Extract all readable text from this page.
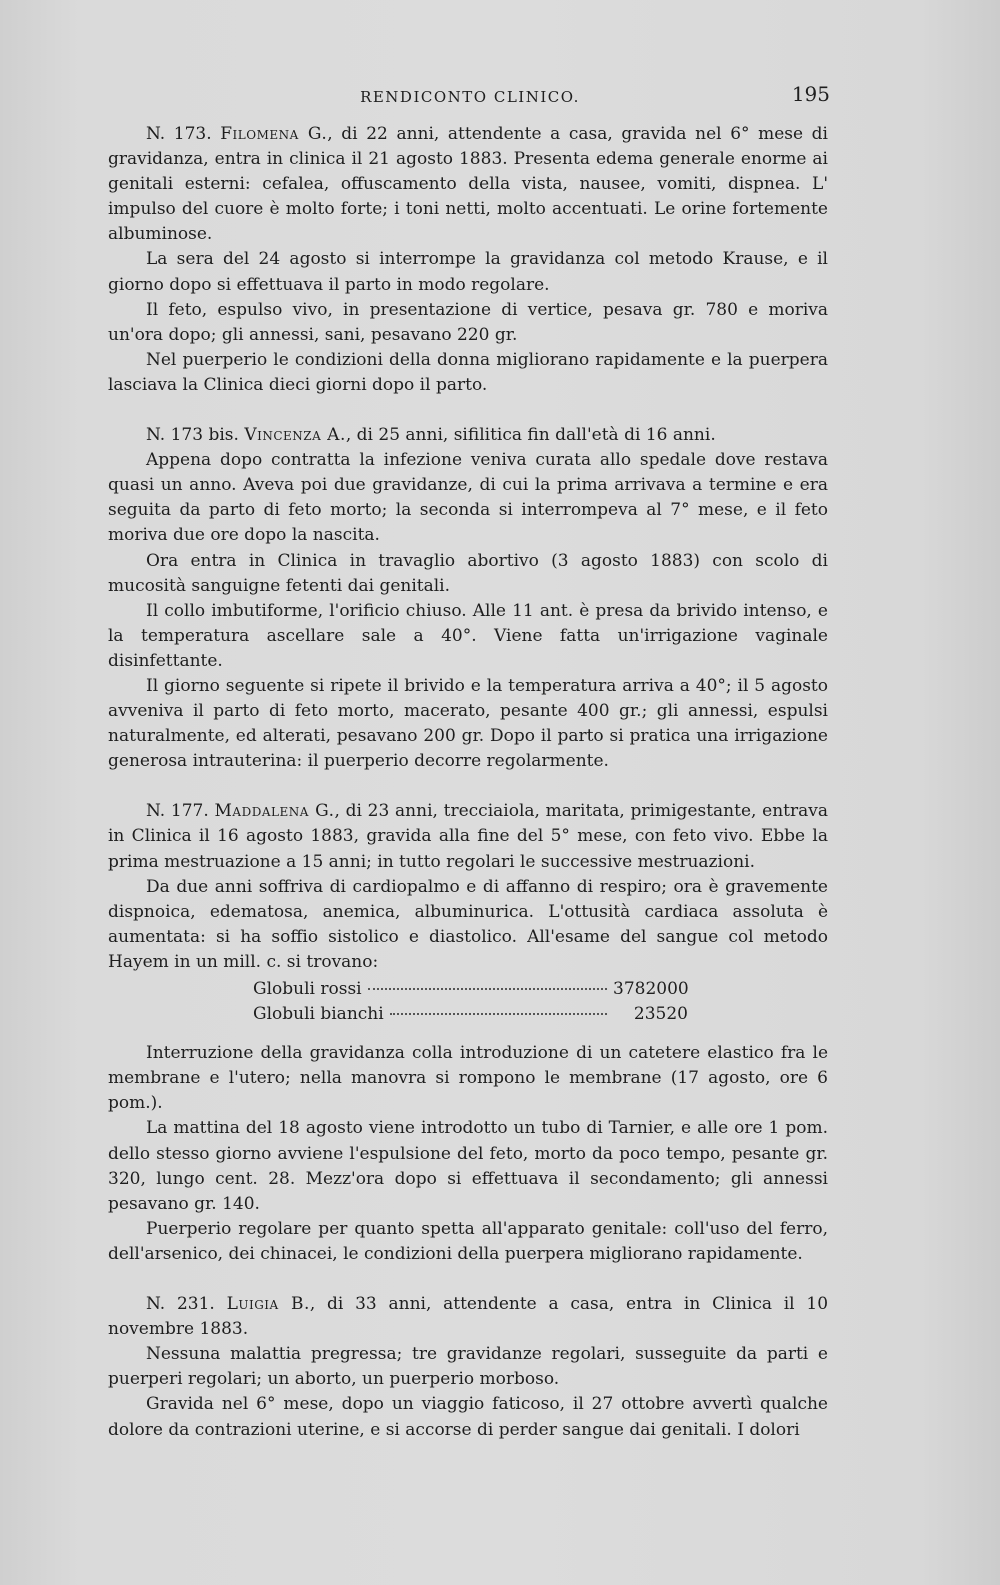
RENDICONTO CLINICO.	195

N. 173. Filomena G., di 22 anni, attendente a casa, gravida nel 6° mese di gravidanza, entra in clinica il 21 agosto 1883. Presenta edema generale enorme ai genitali esterni: cefalea, offuscamento della vista, nausee, vomiti, dispnea. L' impulso del cuore è molto forte; i toni netti, molto accentuati. Le orine fortemente albuminose.

La sera del 24 agosto si interrompe la gravidanza col metodo Krause, e il giorno dopo si effettuava il parto in modo regolare.

Il feto, espulso vivo, in presentazione di vertice, pesava gr. 780 e moriva un'ora dopo; gli annessi, sani, pesavano 220 gr.

Nel puerperio le condizioni della donna migliorano rapidamente e la puerpera lasciava la Clinica dieci giorni dopo il parto.

N. 173 bis. Vincenza A., di 25 anni, sifilitica fin dall'età di 16 anni.

Appena dopo contratta la infezione veniva curata allo spedale dove restava quasi un anno. Aveva poi due gravidanze, di cui la prima arrivava a termine e era seguita da parto di feto morto; la seconda si interrompeva al 7° mese, e il feto moriva due ore dopo la nascita.

Ora entra in Clinica in travaglio abortivo (3 agosto 1883) con scolo di mucosità sanguigne fetenti dai genitali.

Il collo imbutiforme, l'orificio chiuso. Alle 11 ant. è presa da brivido intenso, e la temperatura ascellare sale a 40°. Viene fatta un'irrigazione vaginale disinfettante.

Il giorno seguente si ripete il brivido e la temperatura arriva a 40°; il 5 agosto avveniva il parto di feto morto, macerato, pesante 400 gr.; gli annessi, espulsi naturalmente, ed alterati, pesavano 200 gr. Dopo il parto si pratica una irrigazione generosa intrauterina: il puerperio decorre regolarmente.

N. 177. Maddalena G., di 23 anni, trecciaiola, maritata, primigestante, entrava in Clinica il 16 agosto 1883, gravida alla fine del 5° mese, con feto vivo. Ebbe la prima mestruazione a 15 anni; in tutto regolari le successive mestruazioni.

Da due anni soffriva di cardiopalmo e di affanno di respiro; ora è gravemente dispnoica, edematosa, anemica, albuminurica. L'ottusità cardiaca assoluta è aumentata: si ha soffio sistolico e diastolico. All'esame del sangue col metodo Hayem in un mill. c. si trovano:

Globuli rossi	3782000
Globuli bianchi	23520

Interruzione della gravidanza colla introduzione di un catetere elastico fra le membrane e l'utero; nella manovra si rompono le membrane (17 agosto, ore 6 pom.).

La mattina del 18 agosto viene introdotto un tubo di Tarnier, e alle ore 1 pom. dello stesso giorno avviene l'espulsione del feto, morto da poco tempo, pesante gr. 320, lungo cent. 28. Mezz'ora dopo si effettuava il secondamento; gli annessi pesavano gr. 140.

Puerperio regolare per quanto spetta all'apparato genitale: coll'uso del ferro, dell'arsenico, dei chinacei, le condizioni della puerpera migliorano rapidamente.

N. 231. Luigia B., di 33 anni, attendente a casa, entra in Clinica il 10 novembre 1883.

Nessuna malattia pregressa; tre gravidanze regolari, susseguite da parti e puerperi regolari; un aborto, un puerperio morboso.

Gravida nel 6° mese, dopo un viaggio faticoso, il 27 ottobre avvertì qualche dolore da contrazioni uterine, e si accorse di perder sangue dai genitali. I dolori
